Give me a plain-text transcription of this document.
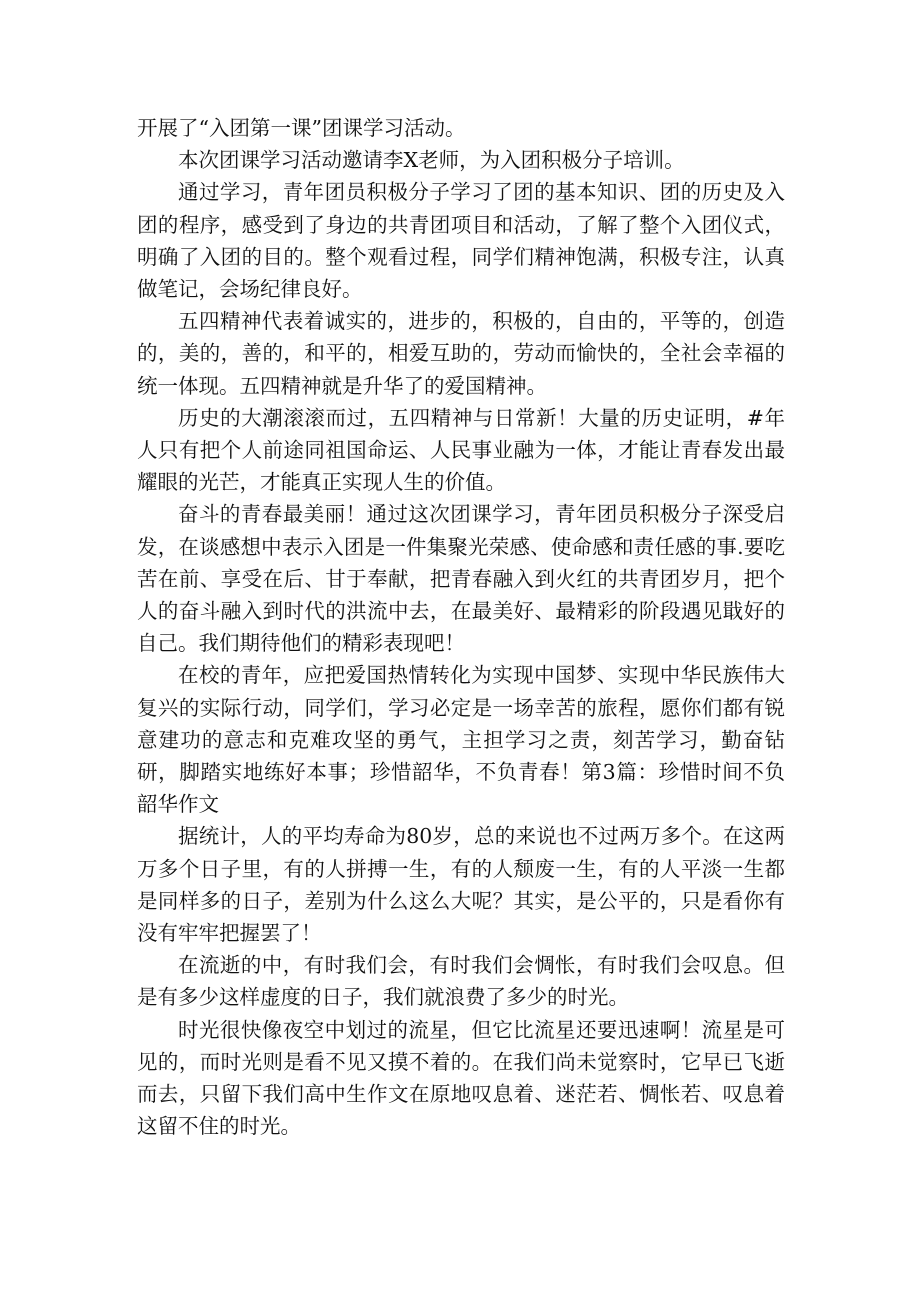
开展了“入团第一课”团课学习活动。

本次团课学习活动邀请李X老师，为入团积极分子培训。

通过学习，青年团员积极分子学习了团的基本知识、团的历史及入团的程序，感受到了身边的共青团项目和活动，了解了整个入团仪式，明确了入团的目的。整个观看过程，同学们精神饱满，积极专注，认真做笔记，会场纪律良好。

五四精神代表着诚实的，进步的，积极的，自由的，平等的，创造的，美的，善的，和平的，相爱互助的，劳动而愉快的，全社会幸福的统一体现。五四精神就是升华了的爱国精神。

历史的大潮滚滚而过，五四精神与日常新！大量的历史证明，#年人只有把个人前途同祖国命运、人民事业融为一体，才能让青春发出最耀眼的光芒，才能真正实现人生的价值。

奋斗的青春最美丽！通过这次团课学习，青年团员积极分子深受启发，在谈感想中表示入团是一件集聚光荣感、使命感和责任感的事.要吃苦在前、享受在后、甘于奉献，把青春融入到火红的共青团岁月，把个人的奋斗融入到时代的洪流中去，在最美好、最精彩的阶段遇见戢好的自己。我们期待他们的精彩表现吧！

在校的青年，应把爱国热情转化为实现中国梦、实现中华民族伟大复兴的实际行动，同学们，学习必定是一场幸苦的旅程，愿你们都有锐意建功的意志和克难攻坚的勇气，主担学习之责，刻苦学习，勤奋钻研，脚踏实地练好本事；珍惜韶华，不负青春！第3篇：珍惜时间不负韶华作文

据统计，人的平均寿命为80岁，总的来说也不过两万多个。在这两万多个日子里，有的人拼搏一生，有的人颓废一生，有的人平淡一生都是同样多的日子，差别为什么这么大呢？其实，是公平的，只是看你有没有牢牢把握罢了！

在流逝的中，有时我们会，有时我们会惆怅，有时我们会叹息。但是有多少这样虚度的日子，我们就浪费了多少的时光。

时光很快像夜空中划过的流星，但它比流星还要迅速啊！流星是可见的，而时光则是看不见又摸不着的。在我们尚未觉察时，它早已飞逝而去，只留下我们高中生作文在原地叹息着、迷茫若、惆怅若、叹息着这留不住的时光。
